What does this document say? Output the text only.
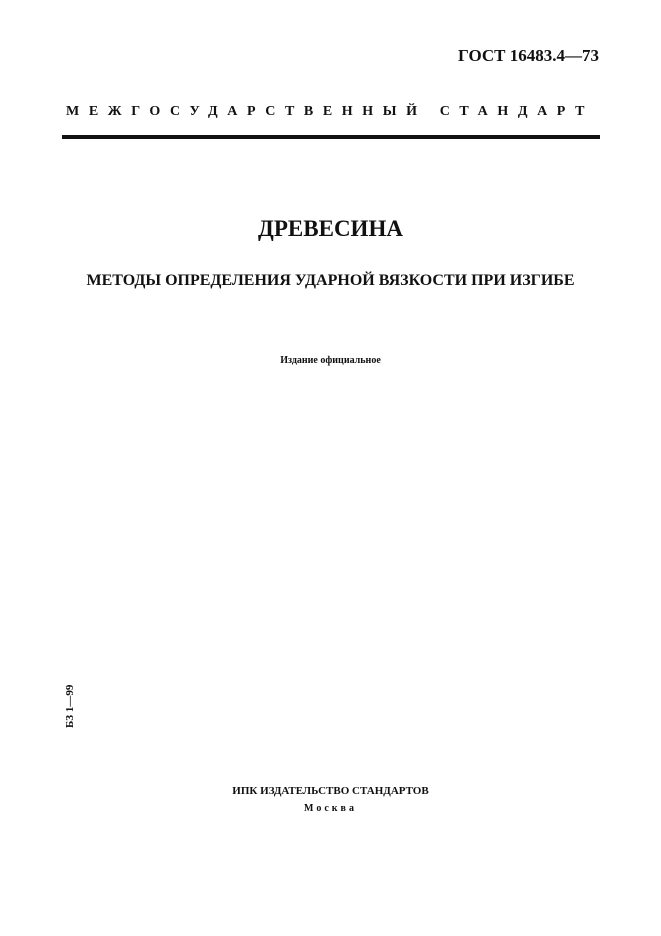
ГОСТ 16483.4—73
МЕЖГОСУДАРСТВЕННЫЙ СТАНДАРТ
ДРЕВЕСИНА
МЕТОДЫ ОПРЕДЕЛЕНИЯ УДАРНОЙ ВЯЗКОСТИ ПРИ ИЗГИБЕ
Издание официальное
БЗ 1—99
ИПК ИЗДАТЕЛЬСТВО СТАНДАРТОВ
Москва
